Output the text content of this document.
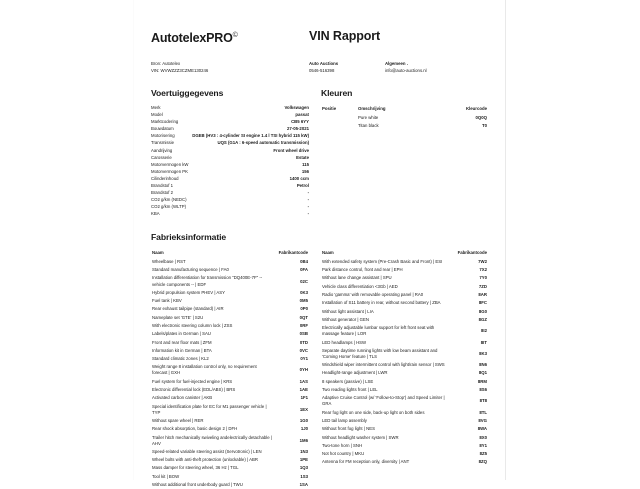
AutotelexPRO©	VIN Rapport
Bron: Autotelex
VIN: WVWZZZ3CZME130246
Auto Auctions
0546-516398
Algemeen .
info@auto-auctions.nl
Voertuiggegevens
Merk	Volkswagen
Model	passat
Marktcodering	CB5 6YY
Bouwdatum	27-05-2021
Motorisering	DGEB (HV3 : 4-cylinder SI engine 1.4 l TSI hybrid 115 kW)
Transmissie	UQS (G1A : 6-speed automatic transmission)
Aandrijving	Front wheel drive
Carosserie	Estate
Motorvermogen kW	115
Motorvermogen PK	156
Cilinderinhoud	1400 ccm
Brandstof 1	Petrol
Brandstof 2	-
CO2 g/km (NEDC)	-
CO2 g/km (WLTP)	-
KBA	-
Kleuren
Positie	Omschrijving	Kleurcode
	Pure white	0Q0Q
	Titan black	T0
Fabrieksinformatie
Naam	Fabrikantcode
Wheelbase | RST	0B4
Standard manufacturing sequence | FA0	0FA
Installation differentiation for transmission "DQ400E-7F" -- vehicle components -- | EDF	02C
Hybrid propulsion system PHEV | ASY	0K3
Fuel tank | KBV	0M5
Rear exhaust tailpipe (standard) | AIR	0P0
Nameplate set 'GTE' | S2U	0QT
With electronic steering column lock | ZSS	0RF
Labels/plates in German | SAU	0SB
Front and rear floor mats | ZFM	0TD
Information kit in German | BTA	0VC
Standard climatic zones | KL2	0Y1
Weight range 8 installation control only, no requirement forecast | GXH	0YH
Fuel system for fuel-injected engine | KRS	1AS
Electronic differential lock (EDL/ABS) | BRS	1AE
Activated carbon canister | AKB	1F1
Special identification plate for EC for M1 passenger vehicle | TYP	1EX
Without spare wheel | RER	1G0
Rear shock absorption, basic design 2 | DFH	1J0
Trailer hitch mechanically swiveling andelectrically detachable | AHV	1M6
Speed-related variable steering assist (Servotronic) | LEN	1N3
Wheel bolts with anti-theft protection (unlockable) | ABR	1PE
Mass damper for steering wheel, 36 Hz | TGL	1Q3
Tool kit | BOW	1S3
Without additional front underbody guard | TWU	1SA
Naam	Fabrikantcode
With extended safety system (Pre-Crash Basic and Front) | ESI	7W2
Park distance control, front and rear | EPH	7X2
Without lane change assistant | SPU	7Y0
Vehicle class differentiation <3Gb | AED	7ZD
Radio 'gamma' with removable operating panel | RA0	8AR
Installation of S11 battery in rear, without second battery | ZBA	8FC
Without light assistant | LIA	8G0
Without generator | GEN	8GZ
Electrically adjustable lumbar support for left front seat with massage feature | LOR	8I2
LED headlamps | HSW	8IT
Separate daytime running lights with low beam assistant and 'Coming Home' feature | TLS	8K3
Windshield wiper intermittent control with light/rain sensor | SWS	8N6
Headlight-range adjustment | LWR	8Q1
8 speakers (passive) | LSE	8RM
Two reading lights front | LEL	8S6
Adaptive Cruise Control (w/ 'Follow-to-Stop') and Speed Limiter | GRA	8T8
Rear fog light on one side, back-up light on both sides	8TL
LED tail lamp assembly	8VG
Without front fog light | NES	8WA
Without headlight washer system | SWR	8X0
Two-tone horn | SNH	8Y1
Not hot country | MKU	8Z5
Antenna for FM reception only, diversity | ANT	8ZQ
